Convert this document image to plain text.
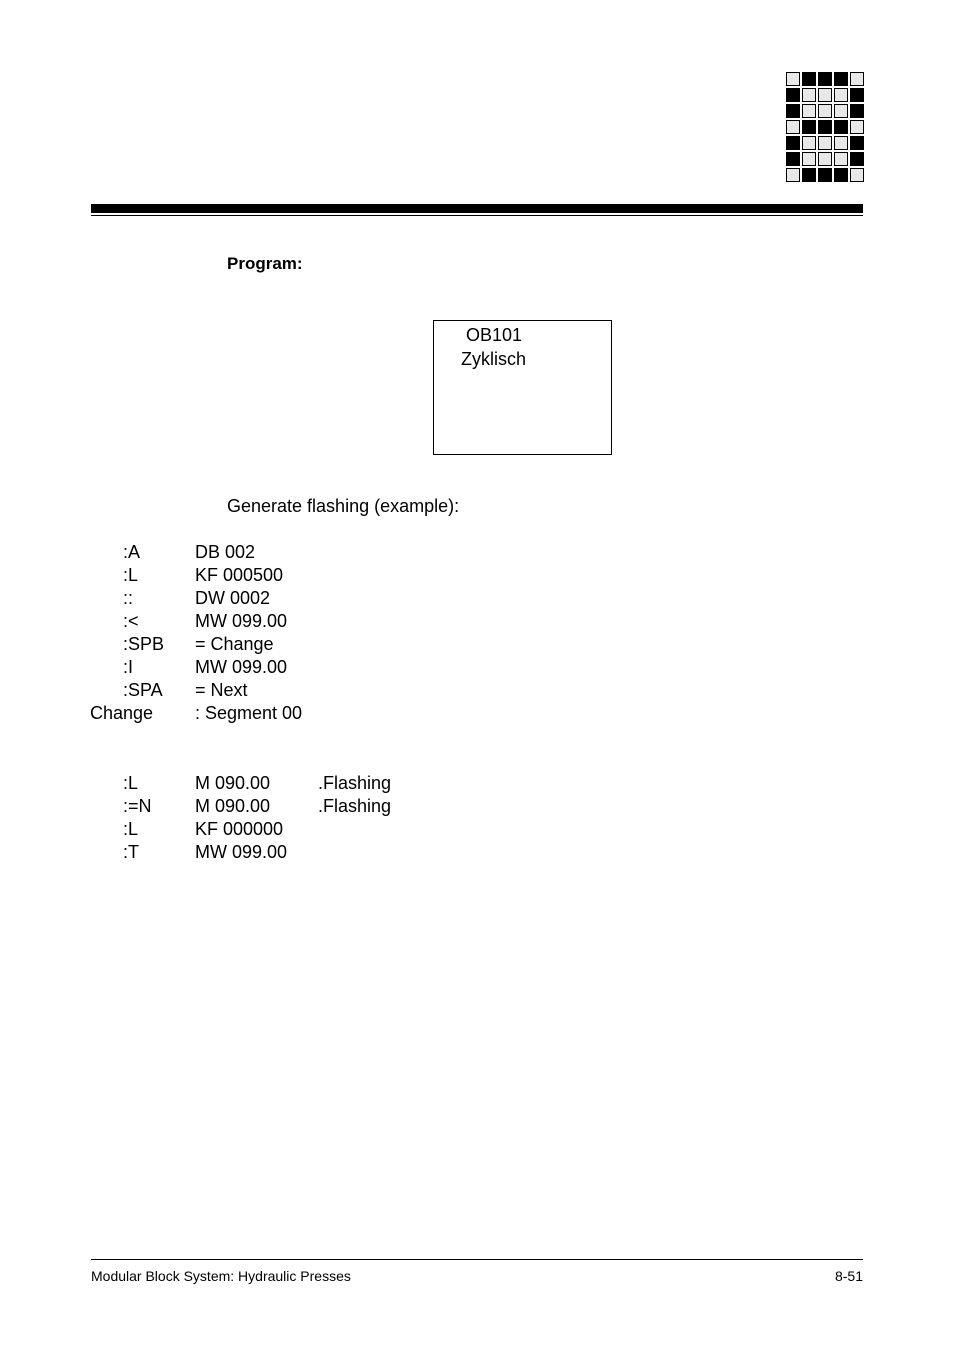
Program:
OB101
Zyklisch
Generate flashing (example):
:A	DB 002
:L	KF 000500
::	DW 0002
:<	MW 099.00
:SPB = Change
:I	MW 099.00
:SPA = Next
Change : Segment 00
:L	M 090.00	.Flashing
:=N M 090.00	.Flashing
:L	KF 000000
:T	MW 099.00
Modular Block System: Hydraulic Presses	8-51
